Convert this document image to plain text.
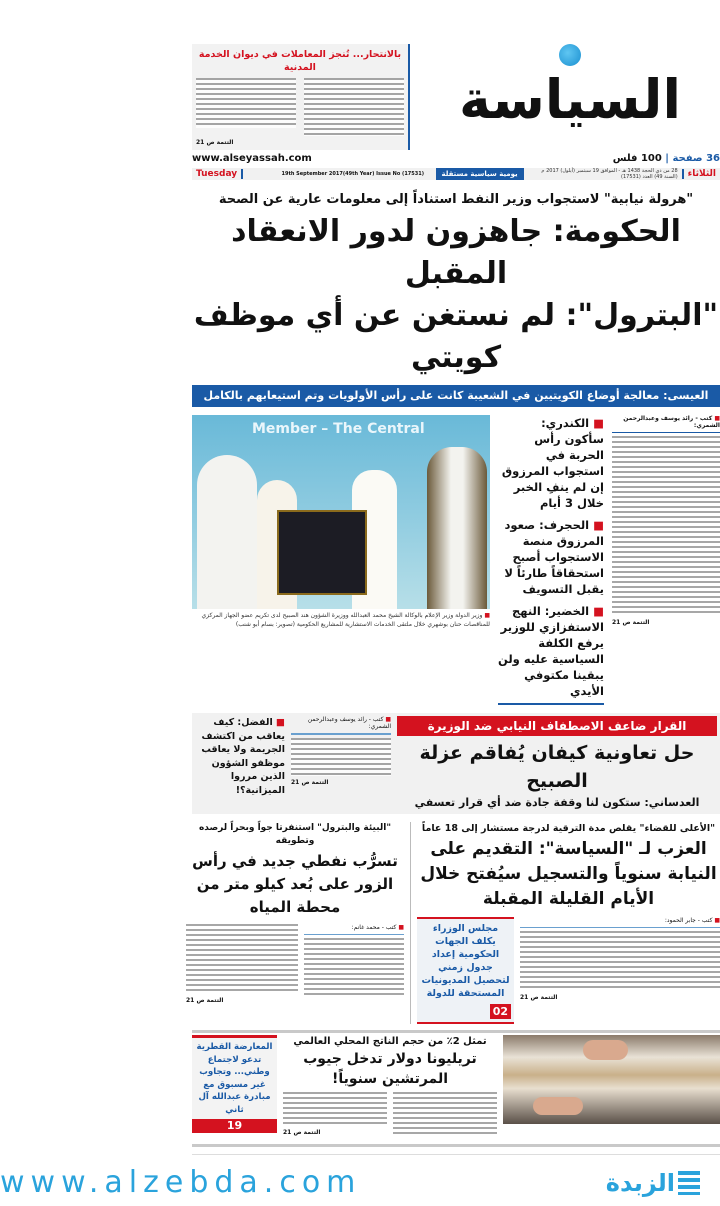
السياسة
بالانتحار... تُنجز المعاملات في ديوان الخدمة المدنية
التتمة ص 21
36 صفحة | 100 فلس
www.alseyassah.com
الثلاثاء
28 من ذي الحجة 1438 هـ - الموافق 19 سبتمبر (أيلول) 2017 م (السنة 49) العدد (17531)
يومية سياسية مستقلة
19th September 2017(49th Year) Issue No (17531)
Tuesday
"هرولة نيابية" لاستجواب وزير النفط استناداً إلى معلومات عارية عن الصحة
الحكومة: جاهزون لدور الانعقاد المقبل
"البترول": لم نستغن عن أي موظف كويتي
العيسى: معالجة أوضاع الكويتيين في الشعيبة كانت على رأس الأولويات وتم استيعابهم بالكامل
■ كتب - رائد يوسف وعبدالرحمن الشمري:
التتمة ص 21
■ الكندري: سأكون رأس الحربة في استجواب المرزوق إن لم ينفِ الخبر خلال 3 أيام
■ الحجرف: صعود المرزوق منصة الاستجواب أصبح استحقاقاً طارئاً لا يقبل التسويف
■ الخضير: النهج الاستفزازي للوزير يرفع الكلفة السياسية عليه ولن يبقينا مكتوفي الأيدي
Member – The Central
■ وزير الدولة وزير الإعلام بالوكالة الشيخ محمد العبدالله ووزيرة الشؤون هند الصبيح لدى تكريم عضو الجهاز المركزي للمناقصات حنان بوشهري خلال ملتقى الخدمات الاستشارية للمشاريع الحكومية (تصوير: بسام أبو شنب)
القرار ضاعف الاصطفاف النيابي ضد الوزيرة
حل تعاونية كيفان يُفاقم عزلة الصبيح
العدساني: ستكون لنا وقفة جادة ضد أي قرار تعسفي
■ كتب - رائد يوسف وعبدالرحمن الشمري:
التتمة ص 21
■ الفضل: كيف يعاقب من اكتشف الجريمة ولا يعاقب موظفو الشؤون الذين مرروا الميزانية؟!
"الأعلى للقضاء" يقلص مدة الترقية لدرجة مستشار إلى 18 عاماً
العزب لـ "السياسة": التقديم على النيابة سنوياً والتسجيل سيُفتح خلال الأيام القليلة المقبلة
■ كتب - جابر الحمود:
التتمة ص 21
مجلس الوزراء يكلف الجهات الحكومية إعداد جدول زمني لتحصيل المديونيات المستحقة للدولة
02
"البيئة والبترول" استنفرتا جواً وبحراً لرصده وتطويقه
تسرُّب نفطي جديد في رأس الزور على بُعد كيلو متر من محطة المياه
■ كتب - محمد غانم:
التتمة ص 21
تمثل 2٪ من حجم الناتج المحلي العالمي
تريليونا دولار تدخل جيوب المرتشين سنوياً!
التتمة ص 21
المعارضة القطرية تدعو لاجتماع وطني... وتجاوب غير مسبوق مع مبادرة عبدالله آل ثاني
19
الزبدة
www.alzebda.com
